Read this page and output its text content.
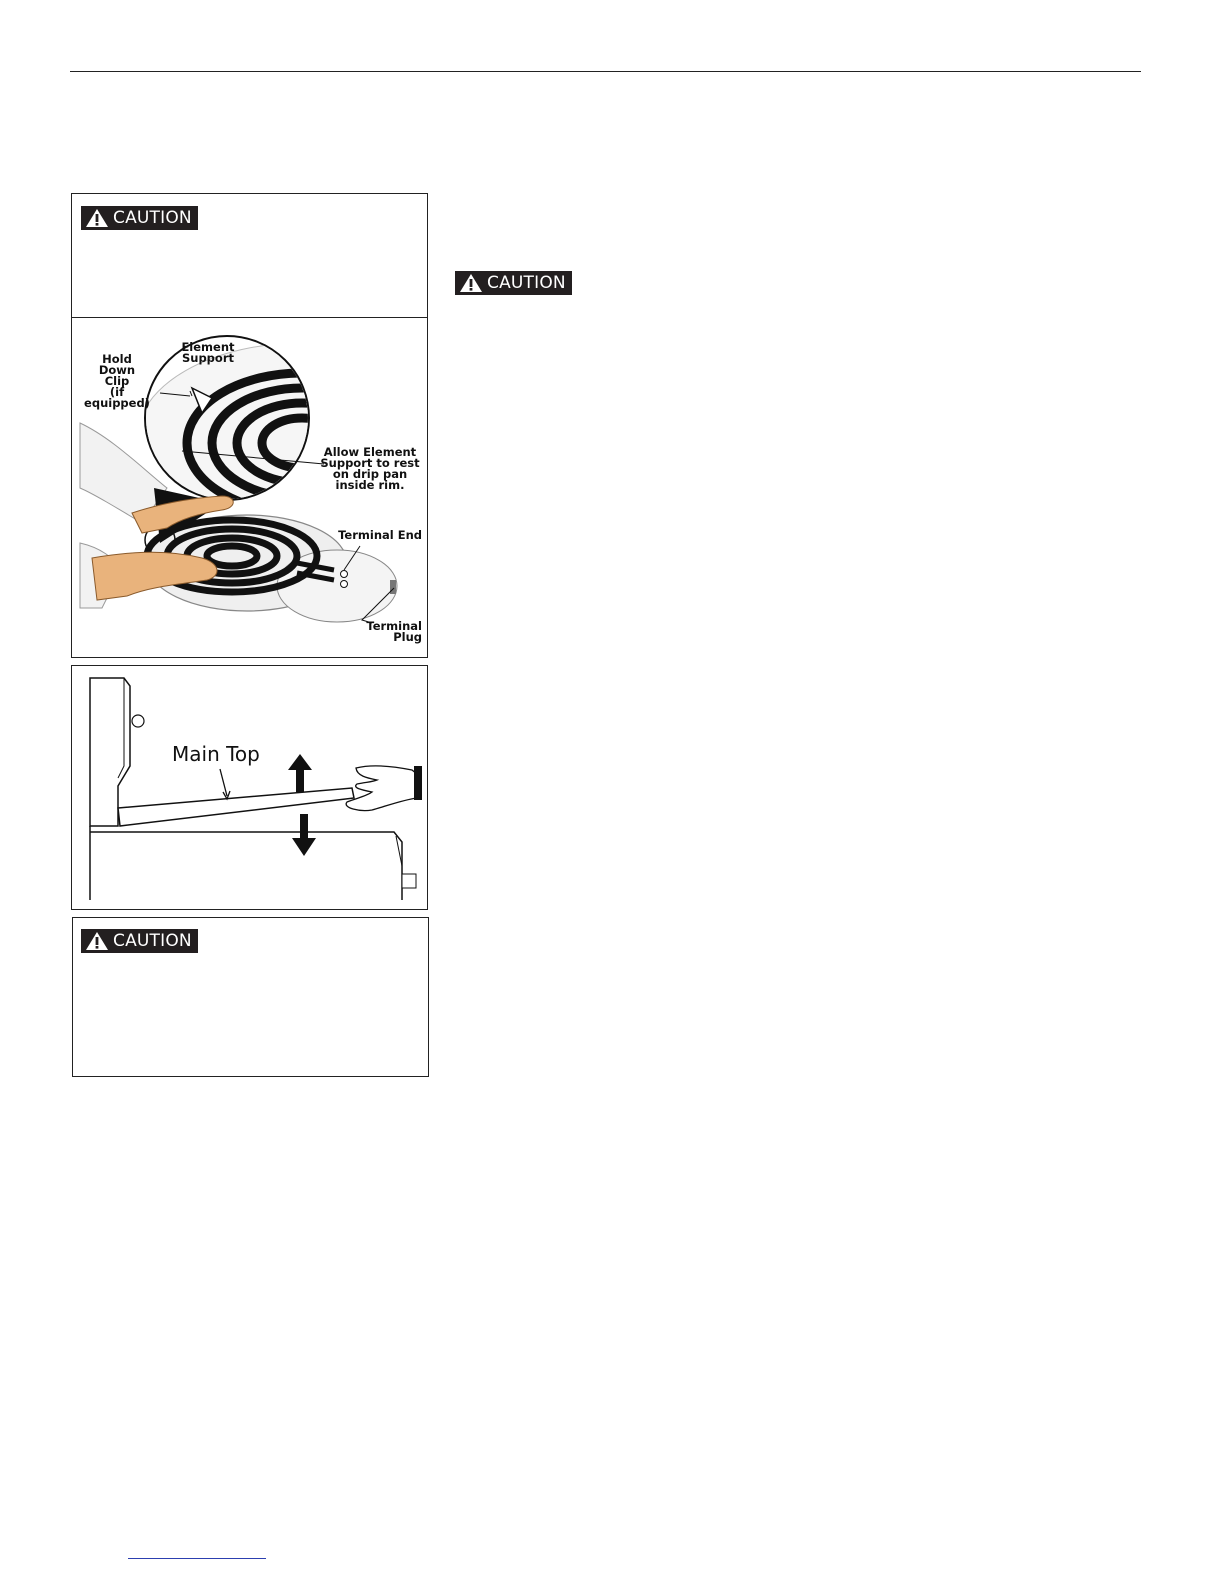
CAUTION
Element
Support
Hold
Down
Clip
(if equipped)
Allow Element
Support to rest
on drip pan
inside rim.
Terminal End
Terminal
Plug
Main Top
CAUTION
CAUTION
